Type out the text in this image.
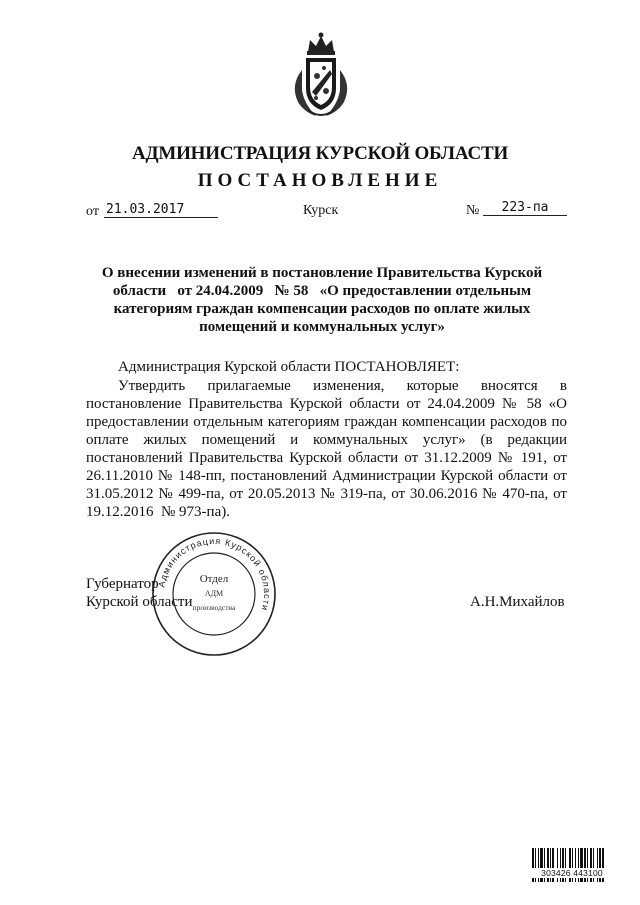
АДМИНИСТРАЦИЯ КУРСКОЙ ОБЛАСТИ
ПОСТАНОВЛЕНИЕ
от 21.03.2017	Курск	№	223-па
О внесении изменений в постановление Правительства Курской
области   от 24.04.2009   № 58   «О предоставлении отдельным
категориям граждан компенсации расходов по оплате жилых
помещений и коммунальных услуг»
Администрация Курской области ПОСТАНОВЛЯЕТ:
Утвердить прилагаемые изменения, которые вносятся в
постановление Правительства Курской области от 24.04.2009 № 58 «О
предоставлении отдельным категориям граждан компенсации расходов по
оплате жилых помещений и коммунальных услуг» (в редакции
постановлений Правительства Курской области от 31.12.2009 № 191, от
26.11.2010 № 148-пп, постановлений Администрации Курской области от
31.05.2012 № 499-па, от 20.05.2013 № 319-па, от 30.06.2016 № 470-па, от
19.12.2016  № 973-па).
Администрация Курской области
Отдел
АДМ
производства
Губернатор
Курской области	А.Н.Михайлов
303426 443100
